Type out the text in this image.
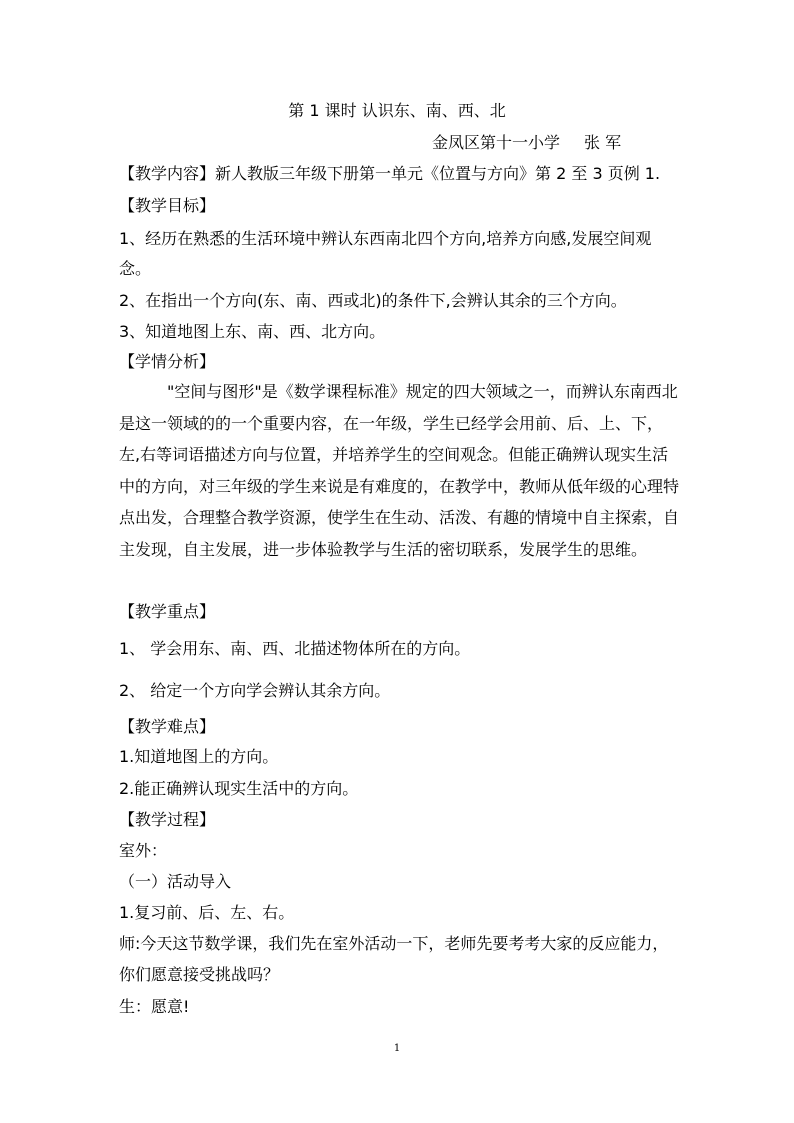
第 1 课时 认识东、南、西、北
金凤区第十一小学 张 军
【教学内容】新人教版三年级下册第一单元《位置与方向》第 2 至 3 页例 1.
【教学目标】
1、经历在熟悉的生活环境中辨认东西南北四个方向,培养方向感,发展空间观
念。
2、在指出一个方向(东、南、西或北)的条件下,会辨认其余的三个方向。
3、知道地图上东、南、西、北方向。
【学情分析】
"空间与图形"是《数学课程标准》规定的四大领域之一，而辨认东南西北是这一领域的的一个重要内容，在一年级，学生已经学会用前、后、上、下，左,右等词语描述方向与位置，并培养学生的空间观念。但能正确辨认现实生活中的方向，对三年级的学生来说是有难度的，在教学中，教师从低年级的心理特点出发，合理整合教学资源，使学生在生动、活泼、有趣的情境中自主探索，自主发现，自主发展，进一步体验教学与生活的密切联系，发展学生的思维。
【教学重点】
1、 学会用东、南、西、北描述物体所在的方向。
2、 给定一个方向学会辨认其余方向。
【教学难点】
1.知道地图上的方向。
2.能正确辨认现实生活中的方向。
【教学过程】
室外：
（一）活动导入
1.复习前、后、左、右。
师:今天这节数学课，我们先在室外活动一下，老师先要考考大家的反应能力，
你们愿意接受挑战吗？
生：愿意!
1
